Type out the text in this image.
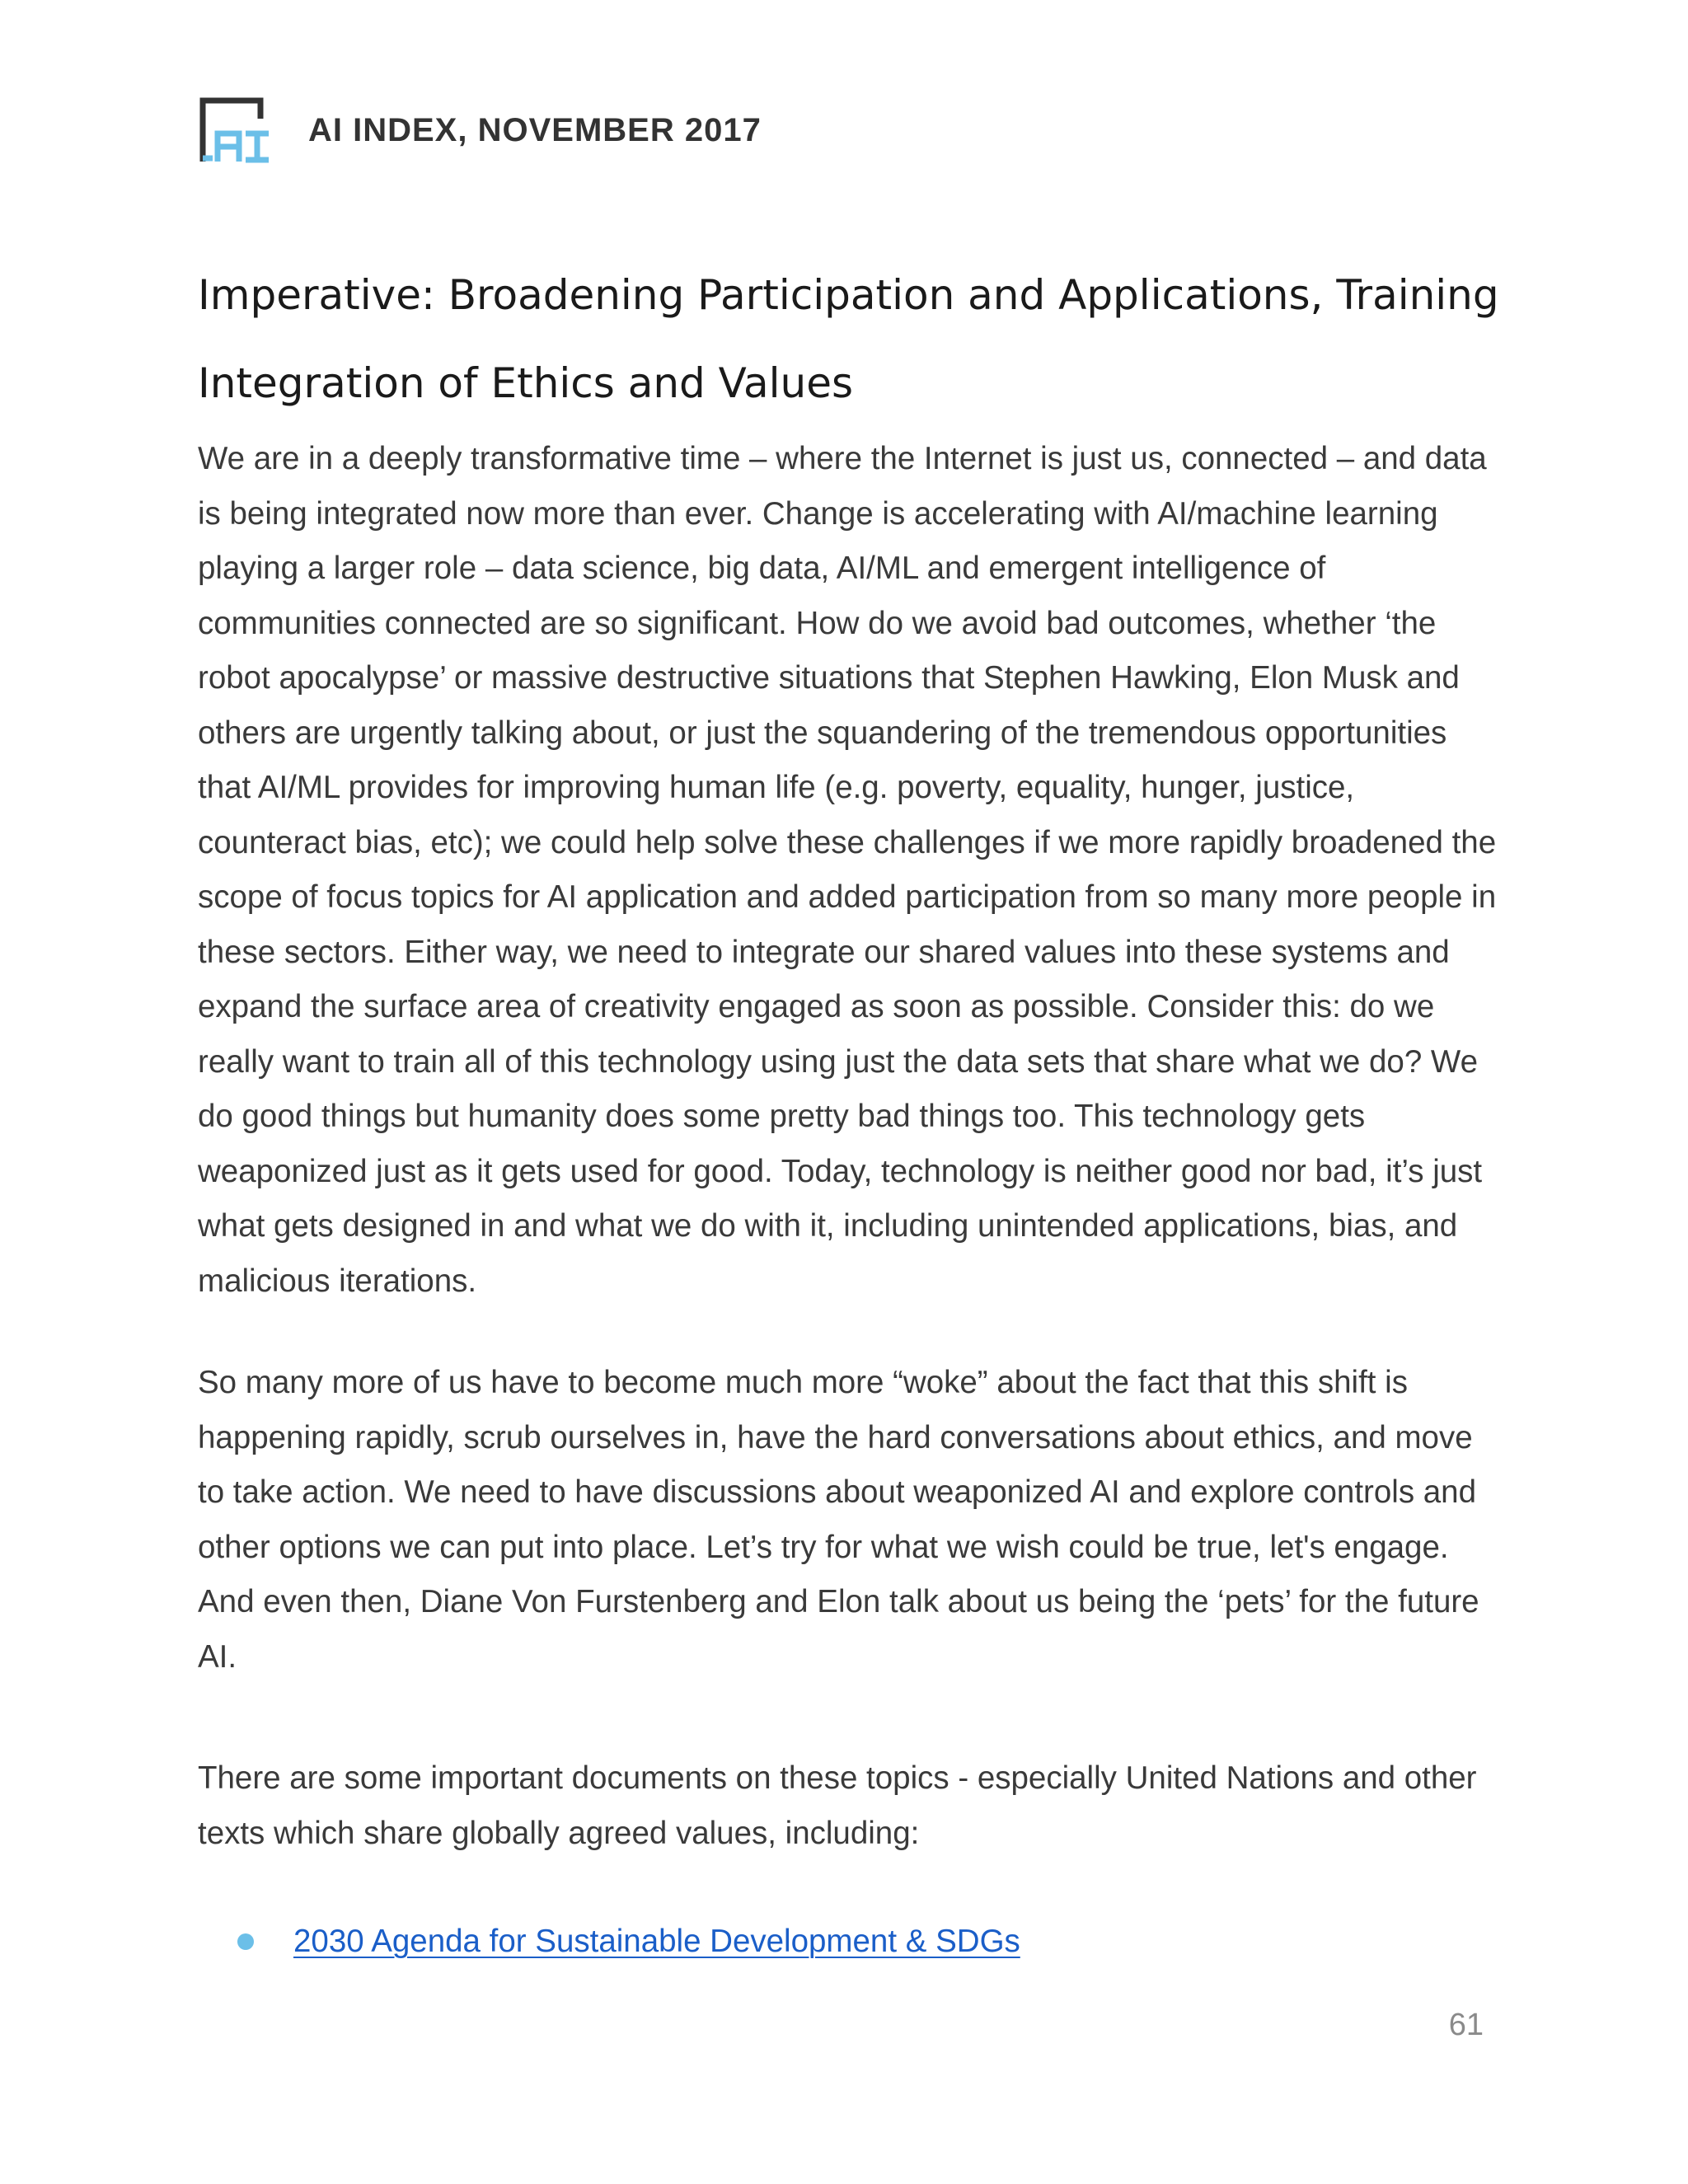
AI INDEX, NOVEMBER 2017
Imperative: Broadening Participation and Applications, Training Integration of Ethics and Values

We are in a deeply transformative time – where the Internet is just us, connected – and data is being integrated now more than ever. Change is accelerating with AI/machine learning playing a larger role – data science, big data, AI/ML and emergent intelligence of communities connected are so significant. How do we avoid bad outcomes, whether ‘the robot apocalypse’ or massive destructive situations that Stephen Hawking, Elon Musk and others are urgently talking about, or just the squandering of the tremendous opportunities that AI/ML provides for improving human life (e.g. poverty, equality, hunger, justice, counteract bias, etc); we could help solve these challenges if we more rapidly broadened the scope of focus topics for AI application and added participation from so many more people in these sectors. Either way, we need to integrate our shared values into these systems and expand the surface area of creativity engaged as soon as possible. Consider this: do we really want to train all of this technology using just the data sets that share what we do? We do good things but humanity does some pretty bad things too. This technology gets weaponized just as it gets used for good. Today, technology is neither good nor bad, it’s just what gets designed in and what we do with it, including unintended applications, bias, and malicious iterations.

So many more of us have to become much more “woke” about the fact that this shift is happening rapidly, scrub ourselves in, have the hard conversations about ethics, and move to take action. We need to have discussions about weaponized AI and explore controls and other options we can put into place. Let’s try for what we wish could be true, let's engage. And even then, Diane Von Furstenberg and Elon talk about us being the ‘pets’ for the future AI.

There are some important documents on these topics - especially United Nations and other texts which share globally agreed values, including:

2030 Agenda for Sustainable Development & SDGs
61
